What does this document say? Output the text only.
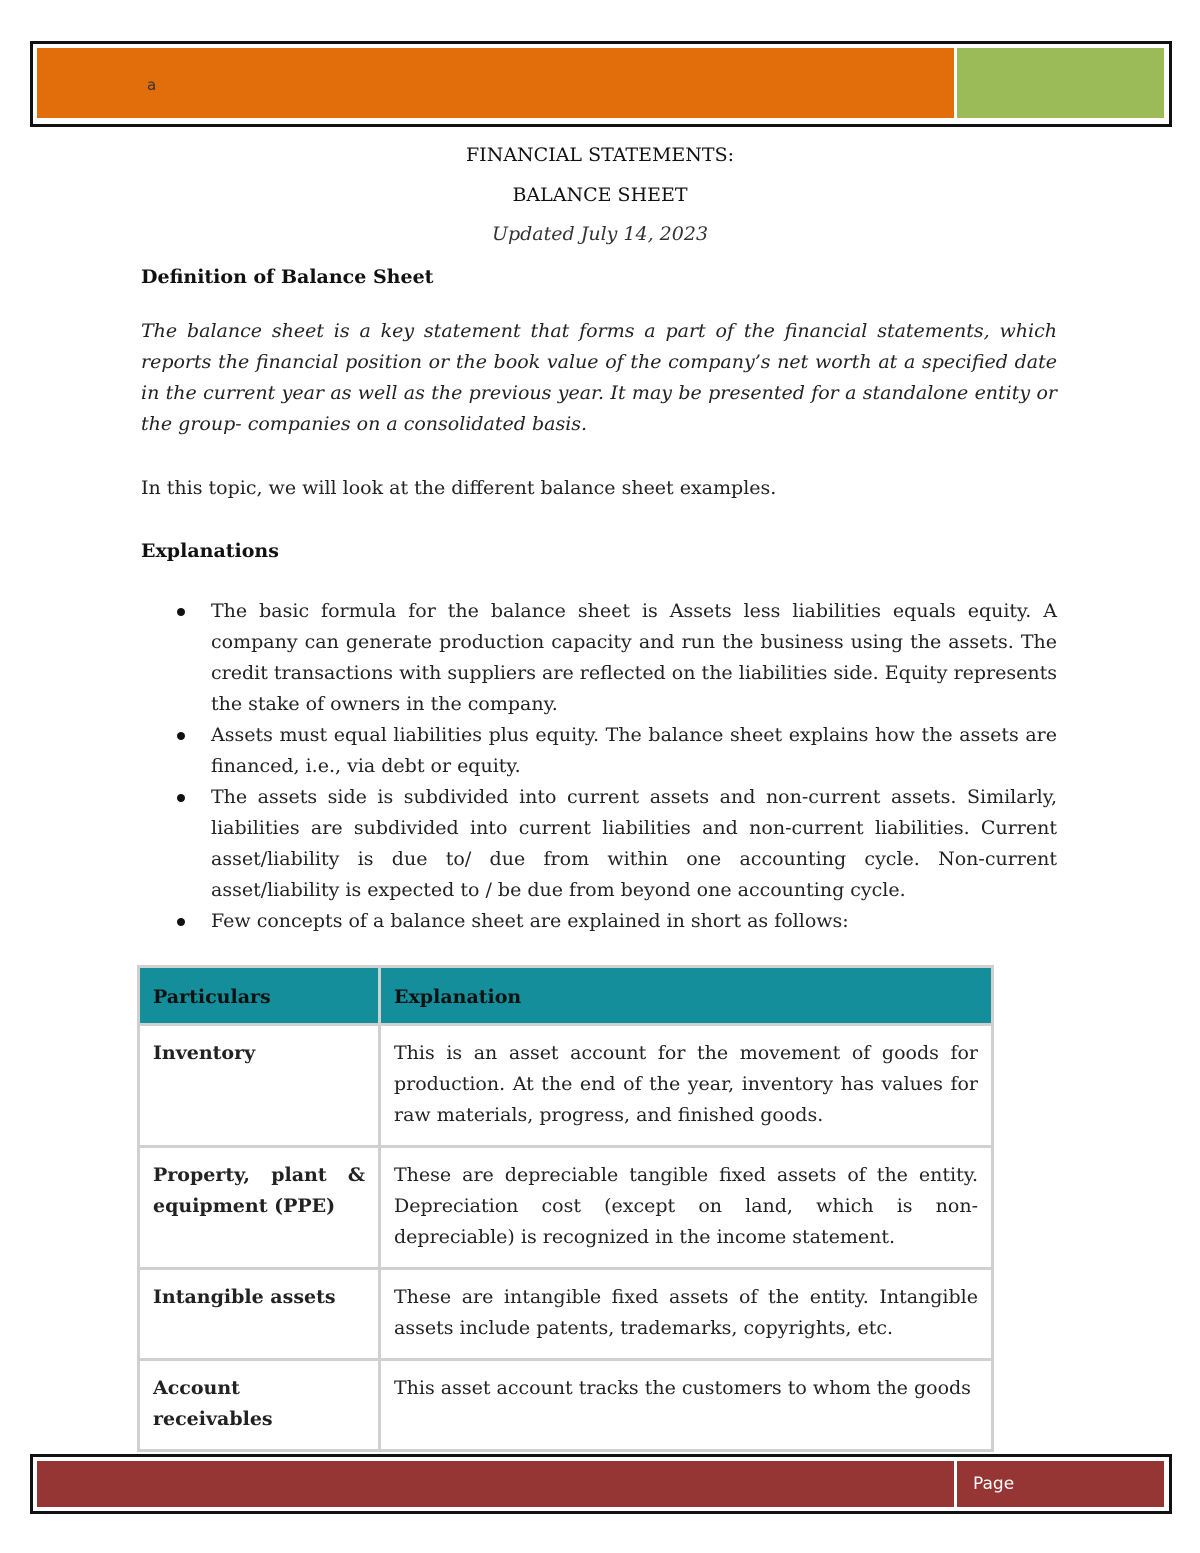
a
FINANCIAL STATEMENTS:
BALANCE SHEET
Updated July 14, 2023
Definition of Balance Sheet
The balance sheet is a key statement that forms a part of the financial statements, which reports the financial position or the book value of the company’s net worth at a specified date in the current year as well as the previous year. It may be presented for a standalone entity or the group- companies on a consolidated basis.
In this topic, we will look at the different balance sheet examples.
Explanations
The basic formula for the balance sheet is Assets less liabilities equals equity. A company can generate production capacity and run the business using the assets. The credit transactions with suppliers are reflected on the liabilities side. Equity represents the stake of owners in the company.
Assets must equal liabilities plus equity. The balance sheet explains how the assets are financed, i.e., via debt or equity.
The assets side is subdivided into current assets and non-current assets. Similarly, liabilities are subdivided into current liabilities and non-current liabilities. Current asset/liability is due to/ due from within one accounting cycle. Non-current asset/liability is expected to / be due from beyond one accounting cycle.
Few concepts of a balance sheet are explained in short as follows:
Particulars	Explanation
Inventory	This is an asset account for the movement of goods for production. At the end of the year, inventory has values for raw materials, progress, and finished goods.
Property, plant & equipment (PPE)	These are depreciable tangible fixed assets of the entity. Depreciation cost (except on land, which is non-depreciable) is recognized in the income statement.
Intangible assets	These are intangible fixed assets of the entity. Intangible assets include patents, trademarks, copyrights, etc.
Account receivables	This asset account tracks the customers to whom the goods
Page
